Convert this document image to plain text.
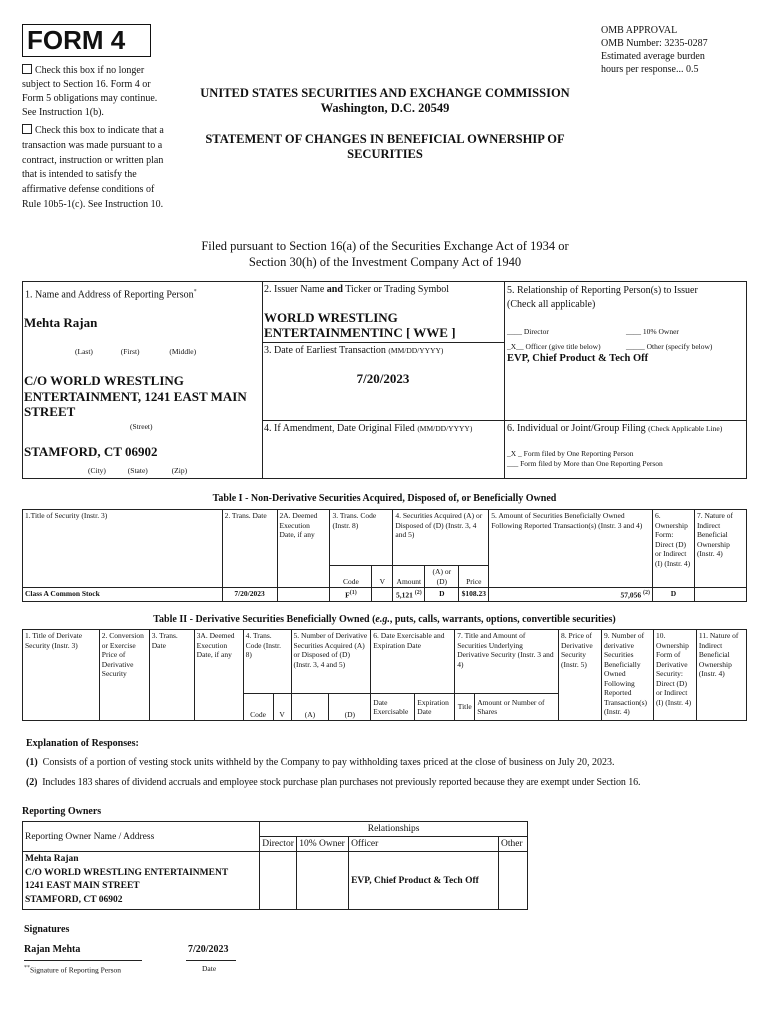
FORM 4	OMB APPROVAL
OMB Number: 3235-0287
Estimated average burden
hours per response... 0.5
Check this box if no longer subject to Section 16. Form 4 or Form 5 obligations may continue. See Instruction 1(b).
Check this box to indicate that a transaction was made pursuant to a contract, instruction or written plan that is intended to satisfy the affirmative defense conditions of Rule 10b5-1(c). See Instruction 10.
UNITED STATES SECURITIES AND EXCHANGE COMMISSION
Washington, D.C. 20549
STATEMENT OF CHANGES IN BENEFICIAL OWNERSHIP OF
SECURITIES
Filed pursuant to Section 16(a) of the Securities Exchange Act of 1934 or
Section 30(h) of the Investment Company Act of 1940
1. Name and Address of Reporting Person*
Mehta Rajan
(Last)	(First)	(Middle)
C/O WORLD WRESTLING ENTERTAINMENT, 1241 EAST MAIN STREET
(Street)
STAMFORD, CT 06902
(City)	(State)	(Zip)
2. Issuer Name and Ticker or Trading Symbol
WORLD WRESTLING
ENTERTAINMENTINC [ WWE ]
3. Date of Earliest Transaction (MM/DD/YYYY)
7/20/2023
4. If Amendment, Date Original Filed (MM/DD/YYYY)
5. Relationship of Reporting Person(s) to Issuer
(Check all applicable)
____ Director	____ 10% Owner
_X__ Officer (give title below)	_____ Other (specify below)
EVP, Chief Product & Tech Off
6. Individual or Joint/Group Filing (Check Applicable Line)
_X _ Form filed by One Reporting Person
___ Form filed by More than One Reporting Person
Table I - Non-Derivative Securities Acquired, Disposed of, or Beneficially Owned
1.Title of Security (Instr. 3)	2. Trans. Date	2A. Deemed Execution Date, if any	3. Trans. Code (Instr. 8)		4. Securities Acquired (A) or Disposed of (D) (Instr. 3, 4 and 5)			5. Amount of Securities Beneficially Owned Following Reported Transaction(s) (Instr. 3 and 4)	6. Ownership Form: Direct (D) or Indirect (I) (Instr. 4)	7. Nature of Indirect Beneficial Ownership (Instr. 4)
			Code	V	Amount	(A) or (D)	Price			
Class A Common Stock	7/20/2023		F$^{(1)}$		5,121 $^{(2)}$	D	$108.23	57,056 $^{(2)}$	D	
Table II - Derivative Securities Beneficially Owned (e.g., puts, calls, warrants, options, convertible securities)
1. Title of Derivate Security (Instr. 3)	2. Conversion or Exercise Price of Derivative Security	3. Trans. Date	3A. Deemed Execution Date, if any	4. Trans. Code (Instr. 8)		5. Number of Derivative Securities Acquired (A) or Disposed of (D) (Instr. 3, 4 and 5)		6. Date Exercisable and Expiration Date		7. Title and Amount of Securities Underlying Derivative Security (Instr. 3 and 4)		8. Price of Derivative Security (Instr. 5)	9. Number of derivative Securities Beneficially Owned Following Reported Transaction(s) (Instr. 4)	10. Ownership Form of Derivative Security: Direct (D) or Indirect (I) (Instr. 4)	11. Nature of Indirect Beneficial Ownership (Instr. 4)
				Code	V	(A)	(D)	Date Exercisable	Expiration Date	Title	Amount or Number of Shares				
Explanation of Responses:
(1) Consists of a portion of vesting stock units withheld by the Company to pay withholding taxes priced at the close of business on July 20, 2023.
(2) Includes 183 shares of dividend accruals and employee stock purchase plan purchases not previously reported because they are exempt under Section 16.
Reporting Owners
Reporting Owner Name / Address	Relationships			
	Director	10% Owner	Officer	Other

Mehta Rajan
C/O WORLD WRESTLING ENTERTAINMENT
1241 EAST MAIN STREET
STAMFORD, CT 06902			EVP, Chief Product & Tech Off	
Signatures
Rajan Mehta	7/20/2023
**Signature of Reporting Person	Date
